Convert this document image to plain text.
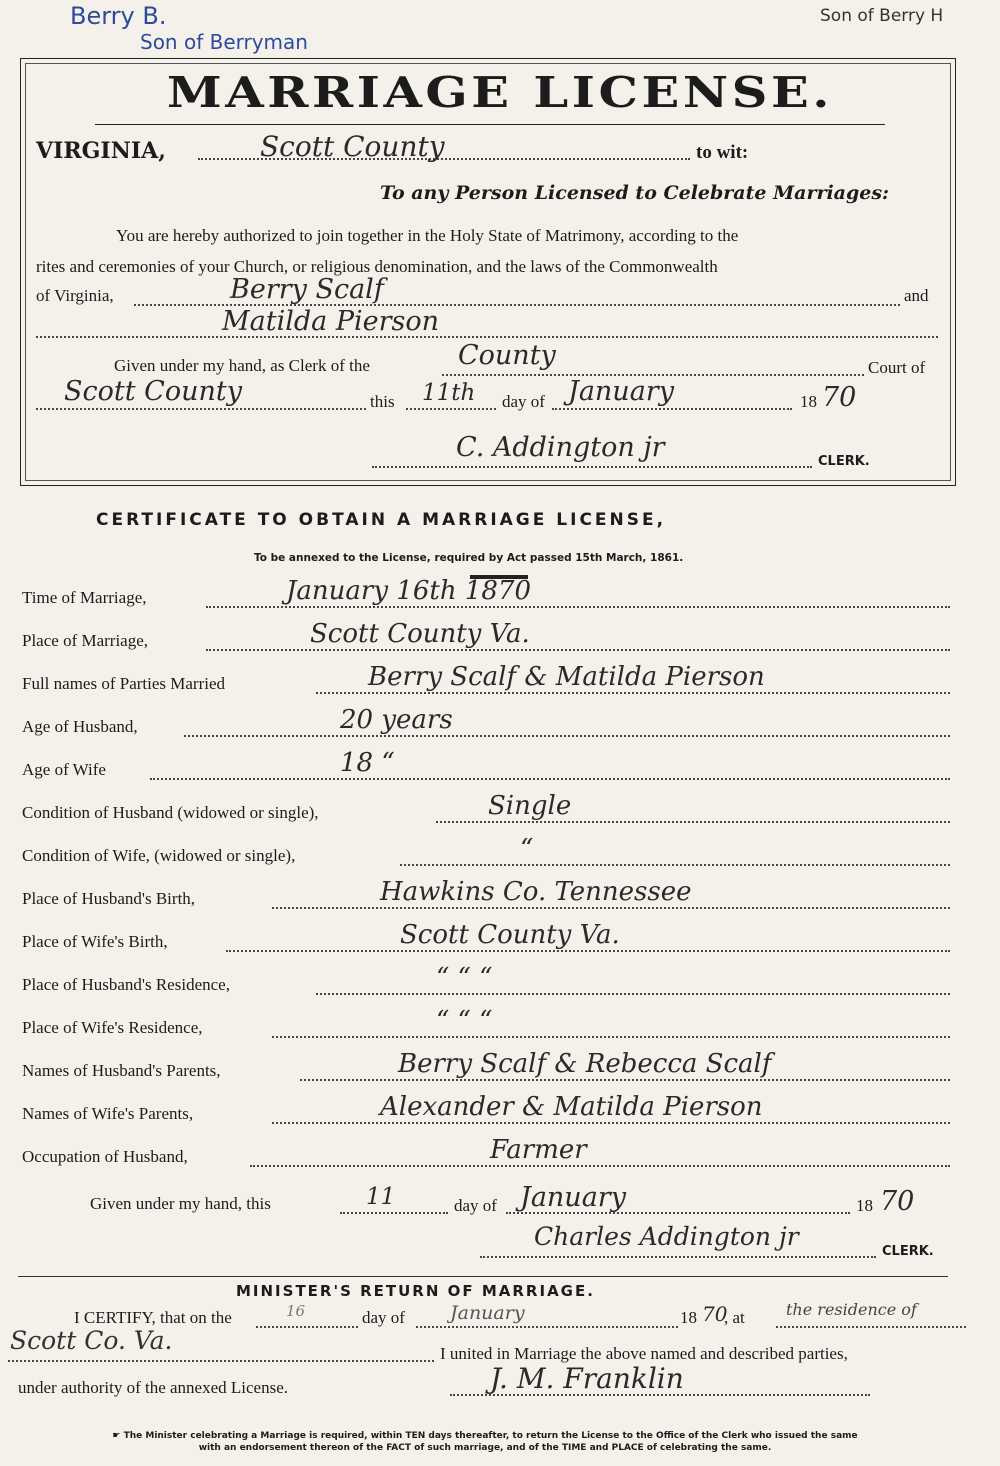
Berry B.
Son of Berryman
Son of Berry H
MARRIAGE LICENSE.
VIRGINIA,	Scott County	to wit:
To any Person Licensed to Celebrate Marriages:
You are hereby authorized to join together in the Holy State of Matrimony, according to the
rites and ceremonies of your Church, or religious denomination, and the laws of the Commonwealth
of Virginia,	Berry Scalf	and
Matilda Pierson
Given under my hand, as Clerk of the	County	Court of
Scott County	this 11th day of January	18 70
C. Addington jr	CLERK.
CERTIFICATE TO OBTAIN A MARRIAGE LICENSE,
To be annexed to the License, required by Act passed 15th March, 1861.
Time of Marriage,	January 16th 1870
Place of Marriage,	Scott County Va.
Full names of Parties Married	Berry Scalf & Matilda Pierson
Age of Husband,	20 years
Age of Wife	18 “
Condition of Husband (widowed or single),	Single
Condition of Wife, (widowed or single),	“
Place of Husband's Birth,	Hawkins Co. Tennessee
Place of Wife's Birth,	Scott County Va.
Place of Husband's Residence,	“ “ “
Place of Wife's Residence,	“ “ “
Names of Husband's Parents,	Berry Scalf & Rebecca Scalf
Names of Wife's Parents,	Alexander & Matilda Pierson
Occupation of Husband,	Farmer
Given under my hand, this	11	day of January	18 70
Charles Addington jr
CLERK.
MINISTER'S RETURN OF MARRIAGE.
I CERTIFY, that on the	16	day of January	18 70
, at	the residence of
Scott Co. Va.	I united in Marriage the above named and described parties,
under authority of the annexed License.	J. M. Franklin
☛ The Minister celebrating a Marriage is required, within TEN days thereafter, to return the License to the Office of the Clerk who issued the same
with an endorsement thereon of the FACT of such marriage, and of the TIME and PLACE of celebrating the same.
